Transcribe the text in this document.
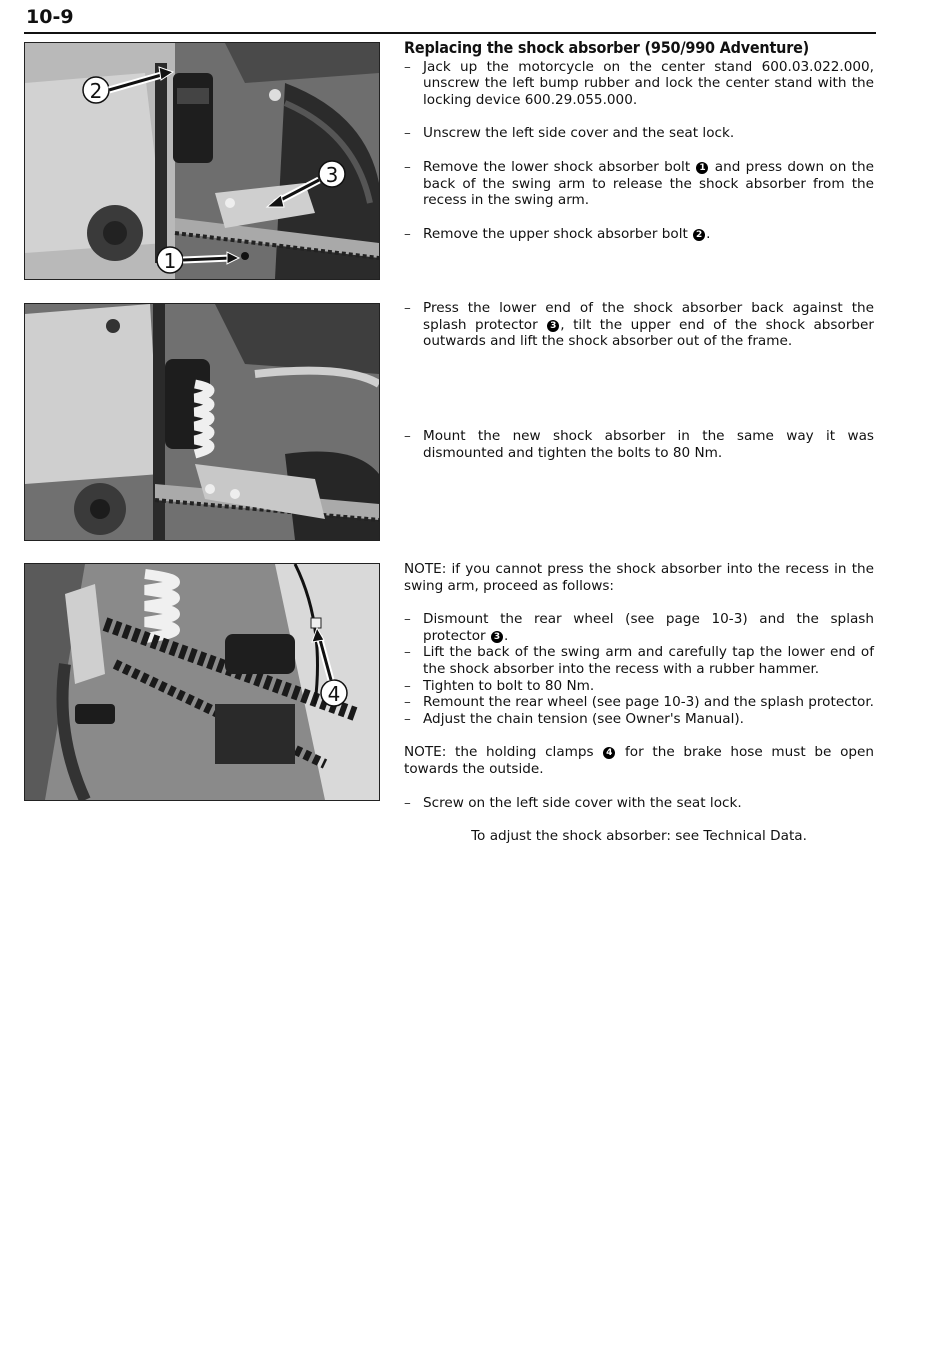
10-9
2
3
1
4
Replacing the shock absorber (950/990 Adventure)
– Jack up the motorcycle on the center stand 600.03.022.000, unscrew the left bump rubber and lock the center stand with the locking device 600.29.055.000.
– Unscrew the left side cover and the seat lock.
– Remove the lower shock absorber bolt 1 and press down on the back of the swing arm to release the shock absorber from the recess in the swing arm.
– Remove the upper shock absorber bolt 2 .
– Press the lower end of the shock absorber back against the splash protector 3 , tilt the upper end of the shock absorber outwards and lift the shock absorber out of the frame.
– Mount the new shock absorber in the same way it was dismounted and tighten the bolts to 80 Nm.
NOTE: if you cannot press the shock absorber into the recess in the swing arm, proceed as follows:
– Dismount the rear wheel (see page 10-3) and the splash protector 3 .
– Lift the back of the swing arm and carefully tap the lower end of the shock absorber into the recess with a rubber hammer.
– Tighten to bolt to 80 Nm.
– Remount the rear wheel (see page 10-3) and the splash protector.
– Adjust the chain tension (see Owner's Manual).
NOTE: the holding clamps 4 for the brake hose must be open towards the outside.
– Screw on the left side cover with the seat lock.
To adjust the shock absorber: see Technical Data.
